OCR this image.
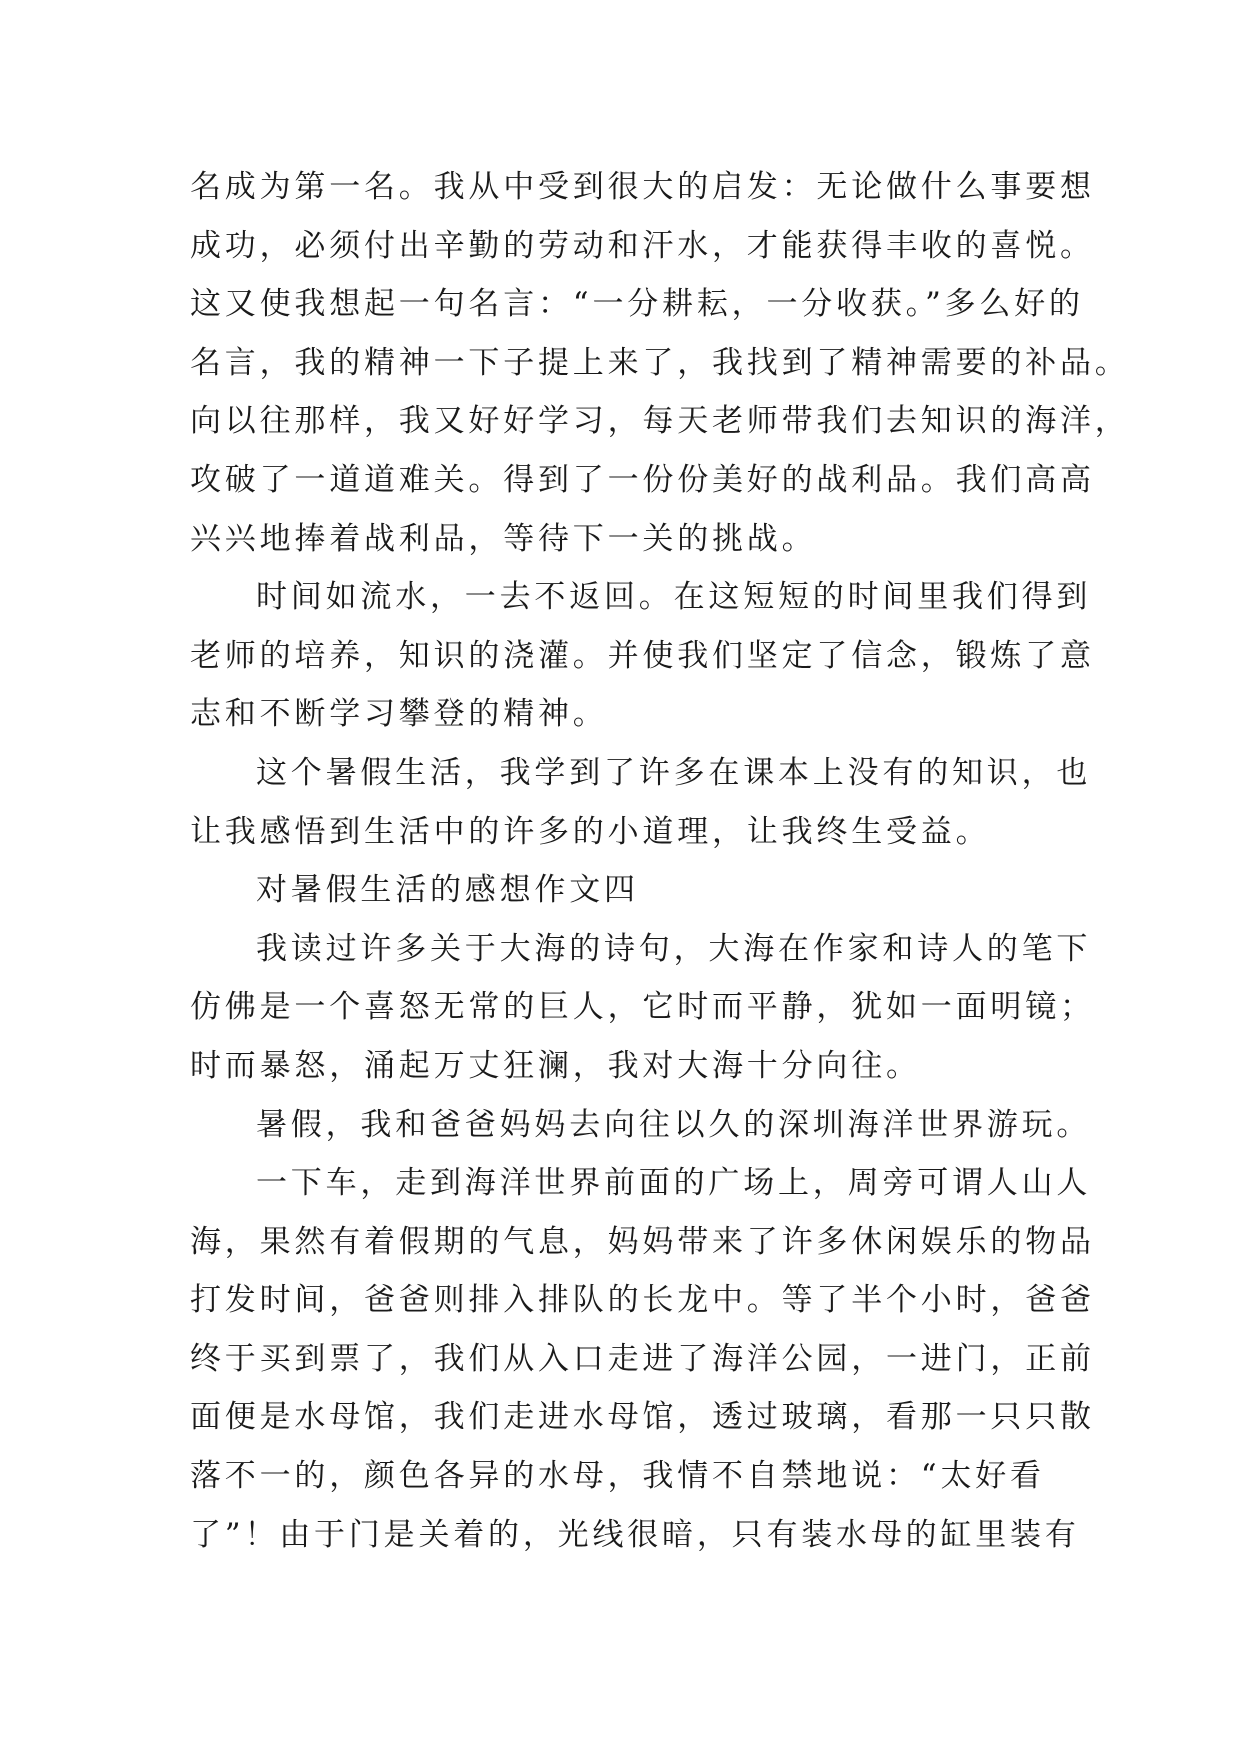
名成为第一名。我从中受到很大的启发：无论做什么事要想

成功，必须付出辛勤的劳动和汗水，才能获得丰收的喜悦。

这又使我想起一句名言：“一分耕耘，一分收获。”多么好的

名言，我的精神一下子提上来了，我找到了精神需要的补品。

向以往那样，我又好好学习，每天老师带我们去知识的海洋，

攻破了一道道难关。得到了一份份美好的战利品。我们高高

兴兴地捧着战利品，等待下一关的挑战。

时间如流水，一去不返回。在这短短的时间里我们得到

老师的培养，知识的浇灌。并使我们坚定了信念，锻炼了意

志和不断学习攀登的精神。

这个暑假生活，我学到了许多在课本上没有的知识，也

让我感悟到生活中的许多的小道理，让我终生受益。

对暑假生活的感想作文四

我读过许多关于大海的诗句，大海在作家和诗人的笔下

仿佛是一个喜怒无常的巨人，它时而平静，犹如一面明镜；

时而暴怒，涌起万丈狂澜，我对大海十分向往。

暑假，我和爸爸妈妈去向往以久的深圳海洋世界游玩。

一下车，走到海洋世界前面的广场上，周旁可谓人山人

海，果然有着假期的气息，妈妈带来了许多休闲娱乐的物品

打发时间，爸爸则排入排队的长龙中。等了半个小时，爸爸

终于买到票了，我们从入口走进了海洋公园，一进门，正前

面便是水母馆，我们走进水母馆，透过玻璃，看那一只只散

落不一的，颜色各异的水母，我情不自禁地说：“太好看

了”！由于门是关着的，光线很暗，只有装水母的缸里装有
